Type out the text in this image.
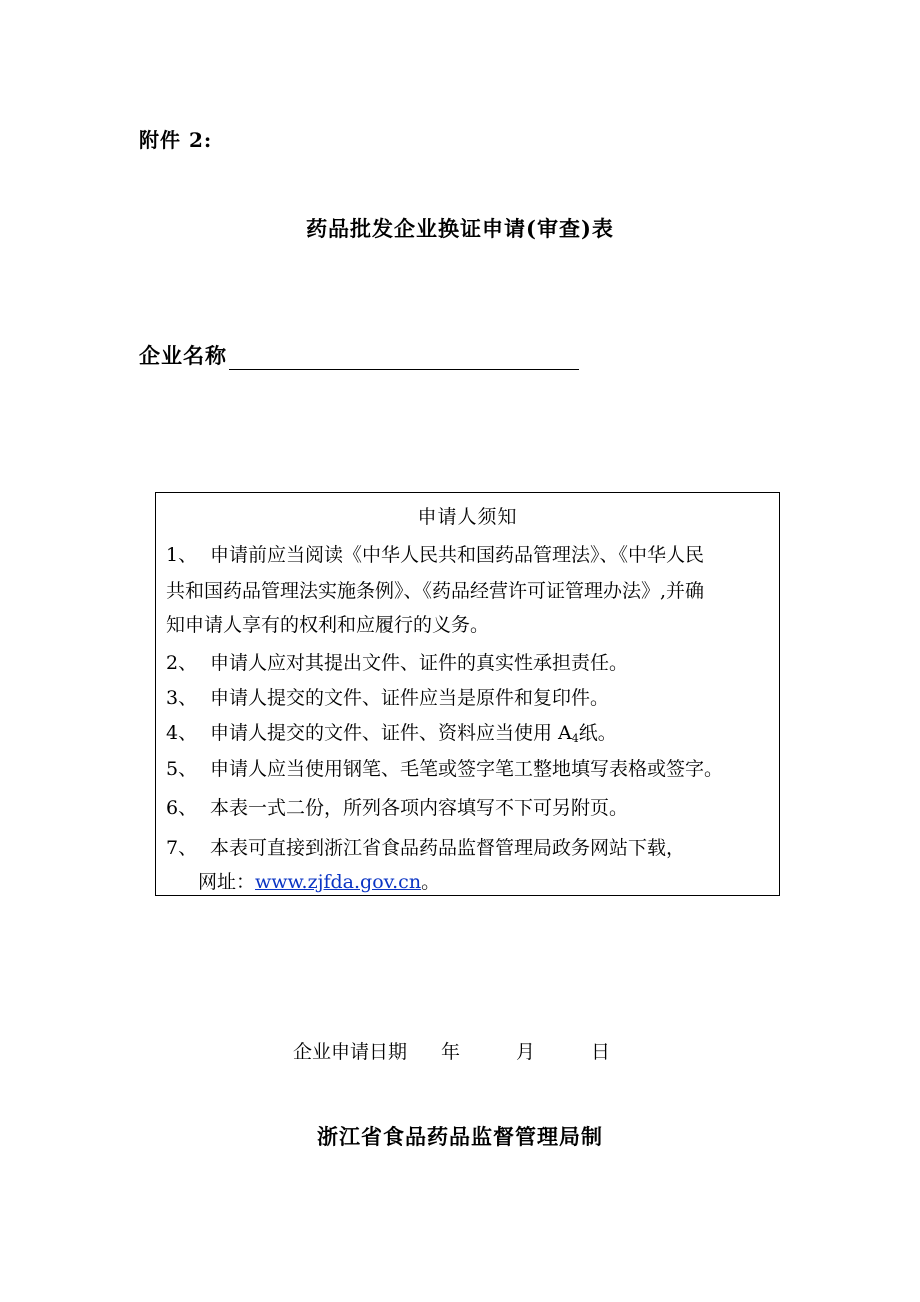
附件 2:
药品批发企业换证申请(审查)表
企业名称
申请人须知
1、 申请前应当阅读《中华人民共和国药品管理法》、《中华人民
共和国药品管理法实施条例》、《药品经营许可证管理办法》,并确
知申请人享有的权利和应履行的义务。
2、 申请人应对其提出文件、证件的真实性承担责任。
3、 申请人提交的文件、证件应当是原件和复印件。
4、 申请人提交的文件、证件、资料应当使用 $A_4$纸。
5、 申请人应当使用钢笔、毛笔或签字笔工整地填写表格或签字。
6、 本表一式二份，所列各项内容填写不下可另附页。
7、 本表可直接到浙江省食品药品监督管理局政务网站下载，
网址：www.zjfda.gov.cn。
企业申请日期 年	月	日
浙江省食品药品监督管理局制
